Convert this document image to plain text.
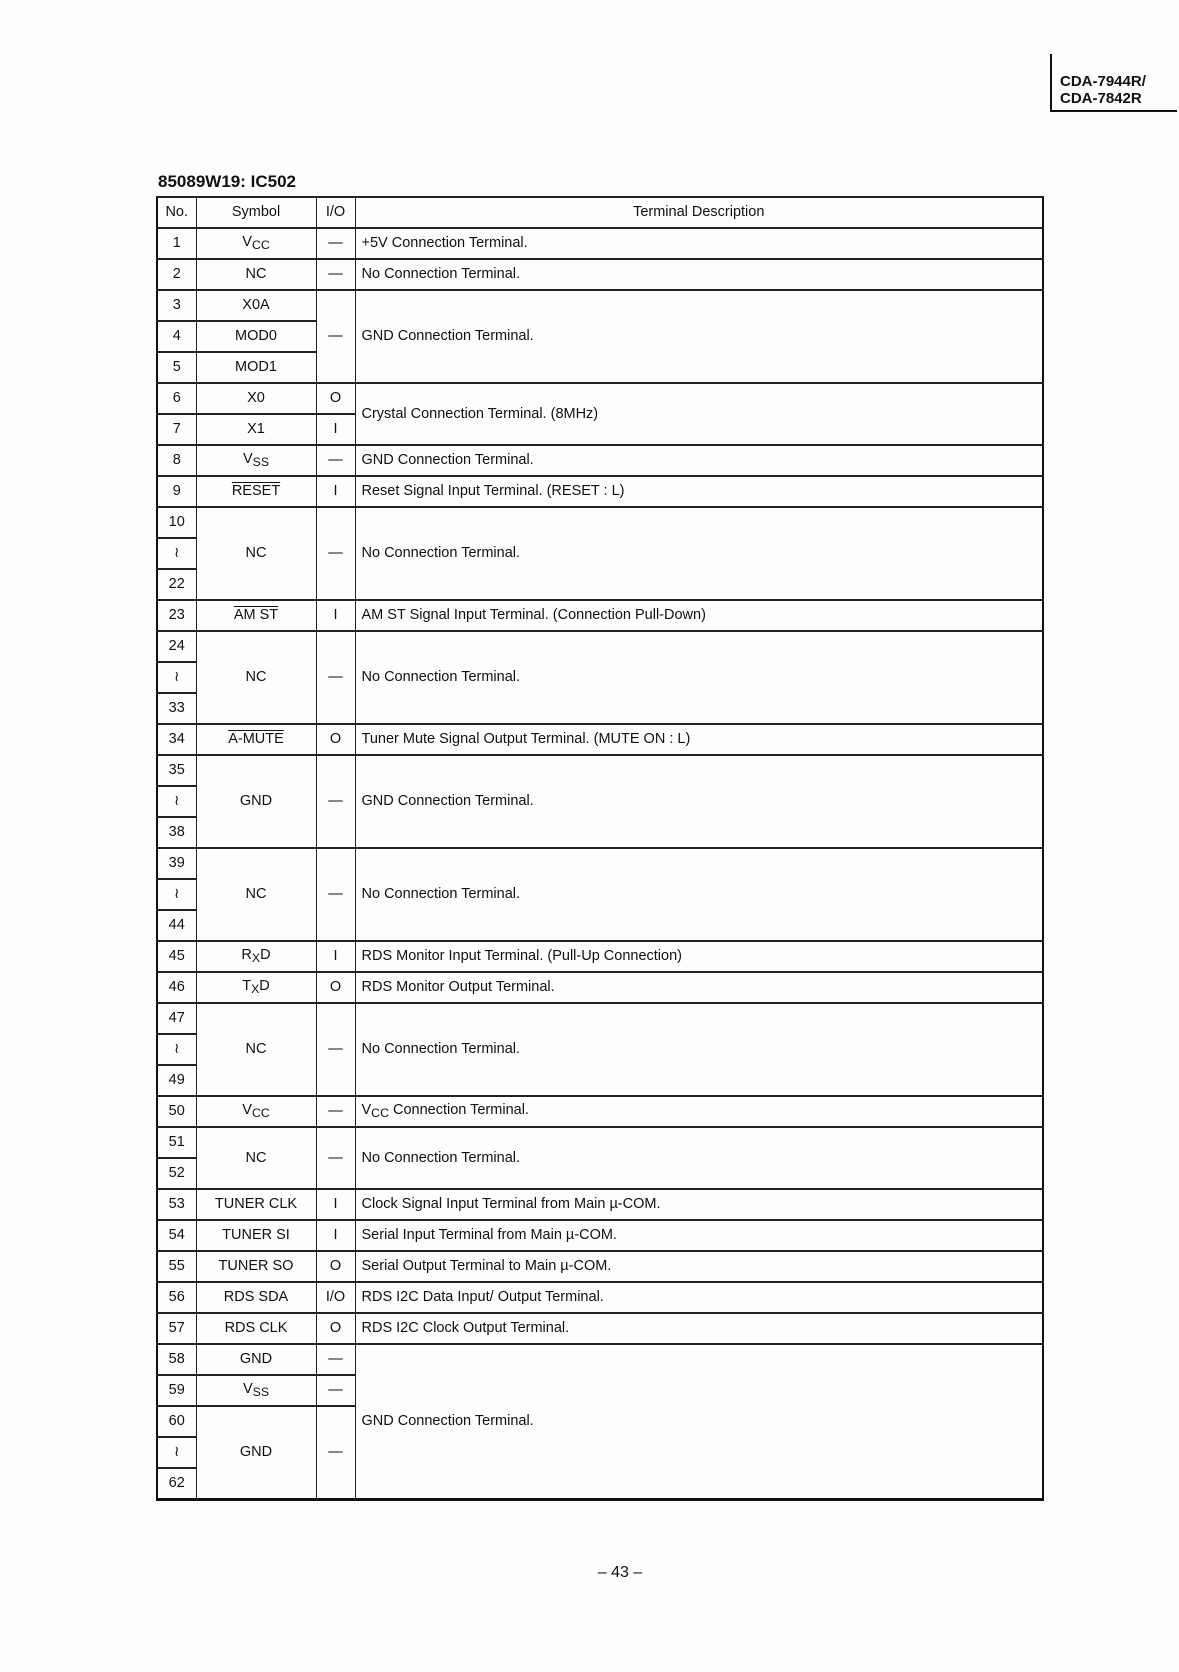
CDA-7944R/
CDA-7842R
85089W19: IC502
No.	Symbol	I/O	Terminal Description
1	$V_{CC}$	—	+5V Connection Terminal.
2	NC	—	No Connection Terminal.
3	X0A	—	GND Connection Terminal.
4	MOD0		
5	MOD1		
6	X0	O	Crystal Connection Terminal. (8MHz)
7	X1	I	
8	$V_{SS}$	—	GND Connection Terminal.
9	RESET	I	Reset Signal Input Terminal. (RESET : L)
10	NC	—	No Connection Terminal.
≀			
22			
23	AM ST	I	AM ST Signal Input Terminal. (Connection Pull-Down)
24	NC	—	No Connection Terminal.
≀			
33			
34	A-MUTE	O	Tuner Mute Signal Output Terminal. (MUTE ON : L)
35	GND	—	GND Connection Terminal.
≀			
38			
39	NC	—	No Connection Terminal.
≀			
44			
45	$R_XD$	I	RDS Monitor Input Terminal. (Pull-Up Connection)
46	$T_XD$	O	RDS Monitor Output Terminal.
47	NC	—	No Connection Terminal.
≀			
49			
50	$V_{CC}$	—	$V_{CC}$ Connection Terminal.
51	NC	—	No Connection Terminal.
52			
53	TUNER CLK	I	Clock Signal Input Terminal from Main µ-COM.
54	TUNER SI	I	Serial Input Terminal from Main µ-COM.
55	TUNER SO	O	Serial Output Terminal to Main µ-COM.
56	RDS SDA	I/O	RDS I2C Data Input/ Output Terminal.
57	RDS CLK	O	RDS I2C Clock Output Terminal.
58	GND	—	GND Connection Terminal.
59	$V_{SS}$	—	
60	GND	—	
≀			
62			
– 43 –
